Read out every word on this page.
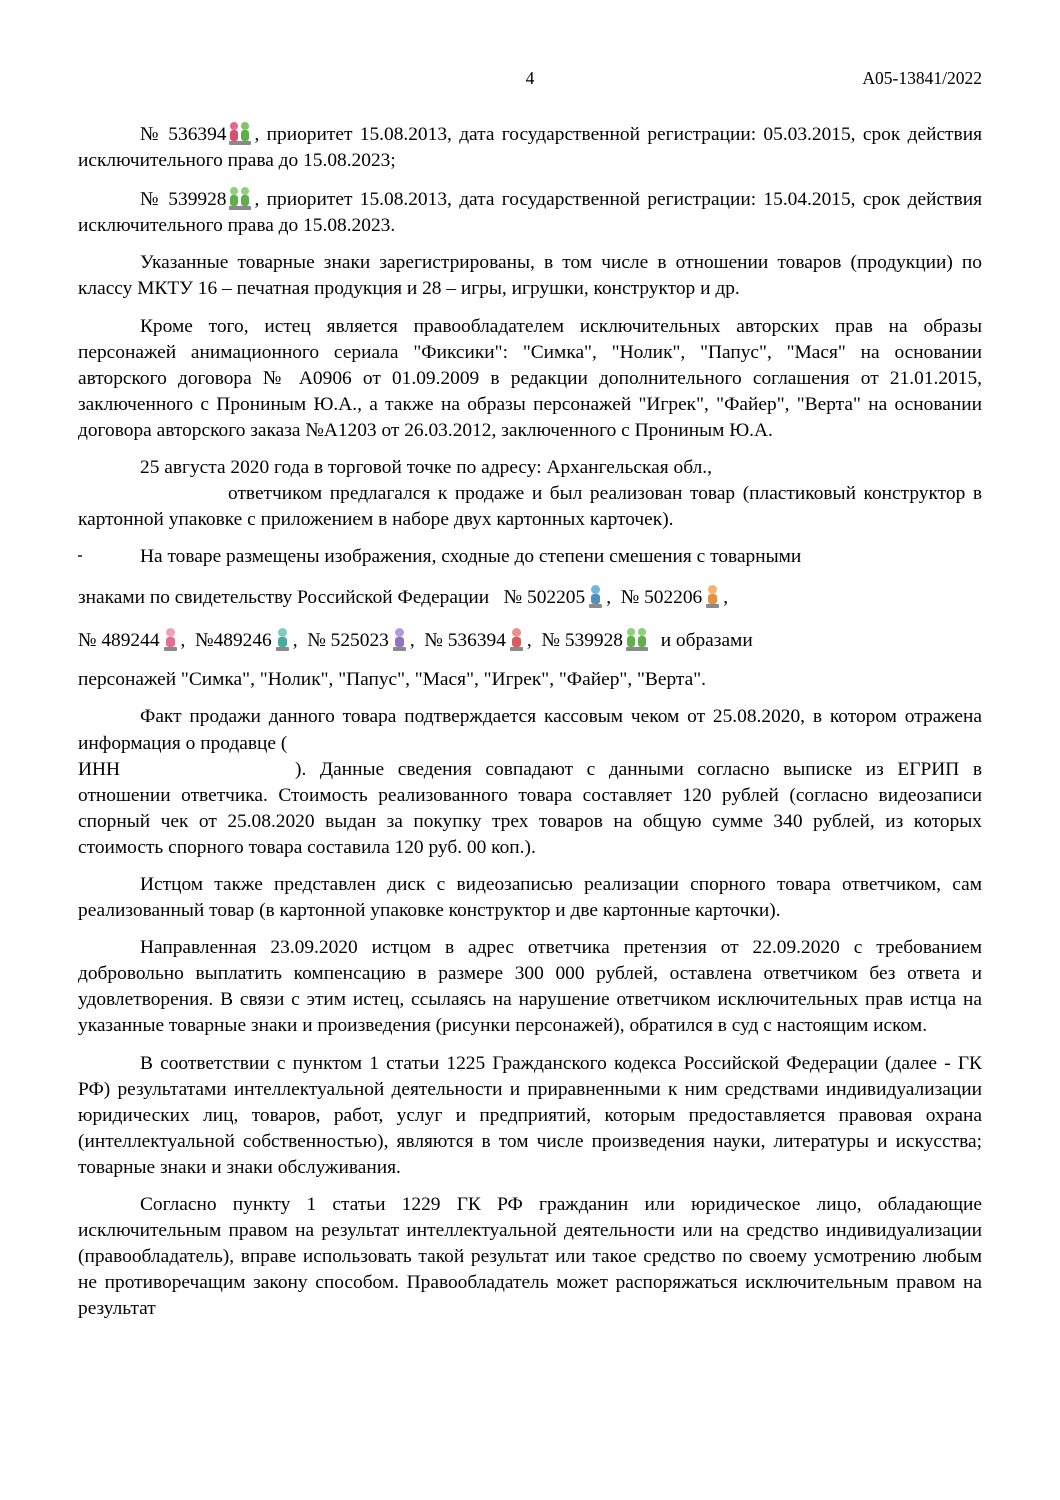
4	A05-13841/2022

№ 536394 , приоритет 15.08.2013, дата государственной регистрации: 05.03.2015, срок действия исключительного права до 15.08.2023;

№ 539928 , приоритет 15.08.2013, дата государственной регистрации: 15.04.2015, срок действия исключительного права до 15.08.2023.

Указанные товарные знаки зарегистрированы, в том числе в отношении товаров (продукции) по классу МКТУ 16 – печатная продукция и 28 – игры, игрушки, конструктор и др.

Кроме того, истец является правообладателем исключительных авторских прав на образы персонажей анимационного сериала "Фиксики": "Симка", "Нолик", "Папус", "Мася" на основании авторского договора № А0906 от 01.09.2009 в редакции дополнительного соглашения от 21.01.2015, заключенного с Прониным Ю.А., а также на образы персонажей "Игрек", "Файер", "Верта" на основании договора авторского заказа №А1203 от 26.03.2012, заключенного с Прониным Ю.А.

25 августа 2020 года в торговой точке по адресу: Архангельская обл.,
ответчиком предлагался к продаже и был реализован товар (пластиковый конструктор в картонной упаковке с приложением в наборе двух картонных карточек).

На товаре размещены изображения, сходные до степени смешения с товарными

знаками по свидетельству Российской Федерации № 502205 ,  № 502206 ,

№ 489244 ,  №489246 ,  № 525023 ,  № 536394 ,  № 539928 и образами

персонажей "Симка", "Нолик", "Папус", "Мася", "Игрек", "Файер", "Верта".

Факт продажи данного товара подтверждается кассовым чеком от 25.08.2020, в котором отражена информация о продавце (
ИНН	). Данные сведения совпадают с данными согласно выписке из ЕГРИП в отношении ответчика. Стоимость реализованного товара составляет 120 рублей (согласно видеозаписи спорный чек от 25.08.2020 выдан за покупку трех товаров на общую сумме 340 рублей, из которых стоимость спорного товара составила 120 руб. 00 коп.).

Истцом также представлен диск с видеозаписью реализации спорного товара ответчиком, сам реализованный товар (в картонной упаковке конструктор и две картонные карточки).

Направленная 23.09.2020 истцом в адрес ответчика претензия от 22.09.2020 с требованием добровольно выплатить компенсацию в размере 300 000 рублей, оставлена ответчиком без ответа и удовлетворения. В связи с этим истец, ссылаясь на нарушение ответчиком исключительных прав истца на указанные товарные знаки и произведения (рисунки персонажей), обратился в суд с настоящим иском.

В соответствии с пунктом 1 статьи 1225 Гражданского кодекса Российской Федерации (далее - ГК РФ) результатами интеллектуальной деятельности и приравненными к ним средствами индивидуализации юридических лиц, товаров, работ, услуг и предприятий, которым предоставляется правовая охрана (интеллектуальной собственностью), являются в том числе произведения науки, литературы и искусства; товарные знаки и знаки обслуживания.

Согласно пункту 1 статьи 1229 ГК РФ гражданин или юридическое лицо, обладающие исключительным правом на результат интеллектуальной деятельности или на средство индивидуализации (правообладатель), вправе использовать такой результат или такое средство по своему усмотрению любым не противоречащим закону способом. Правообладатель может распоряжаться исключительным правом на результат
